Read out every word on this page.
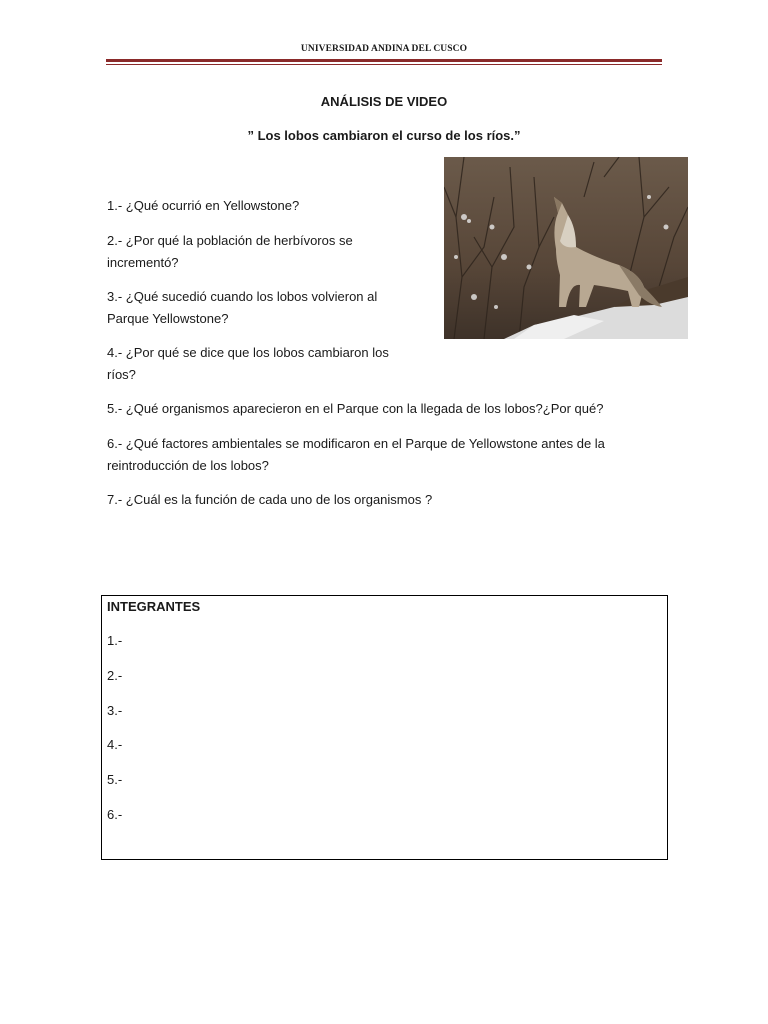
UNIVERSIDAD ANDINA DEL CUSCO
ANÁLISIS DE VIDEO
” Los lobos cambiaron el curso de los ríos.”
1.- ¿Qué ocurrió en Yellowstone?
2.- ¿Por qué la población de herbívoros se incrementó?
3.- ¿Qué sucedió cuando los lobos volvieron al Parque Yellowstone?
4.- ¿Por qué se dice que los lobos cambiaron los ríos?
5.- ¿Qué organismos aparecieron en el Parque con la llegada de los lobos?¿Por qué?
6.- ¿Qué factores ambientales se modificaron en el Parque de Yellowstone antes de la reintroducción de los lobos?
7.- ¿Cuál es la función de cada uno de los organismos ?
INTEGRANTES
1.-
2.-
3.-
4.-
5.-
6.-
